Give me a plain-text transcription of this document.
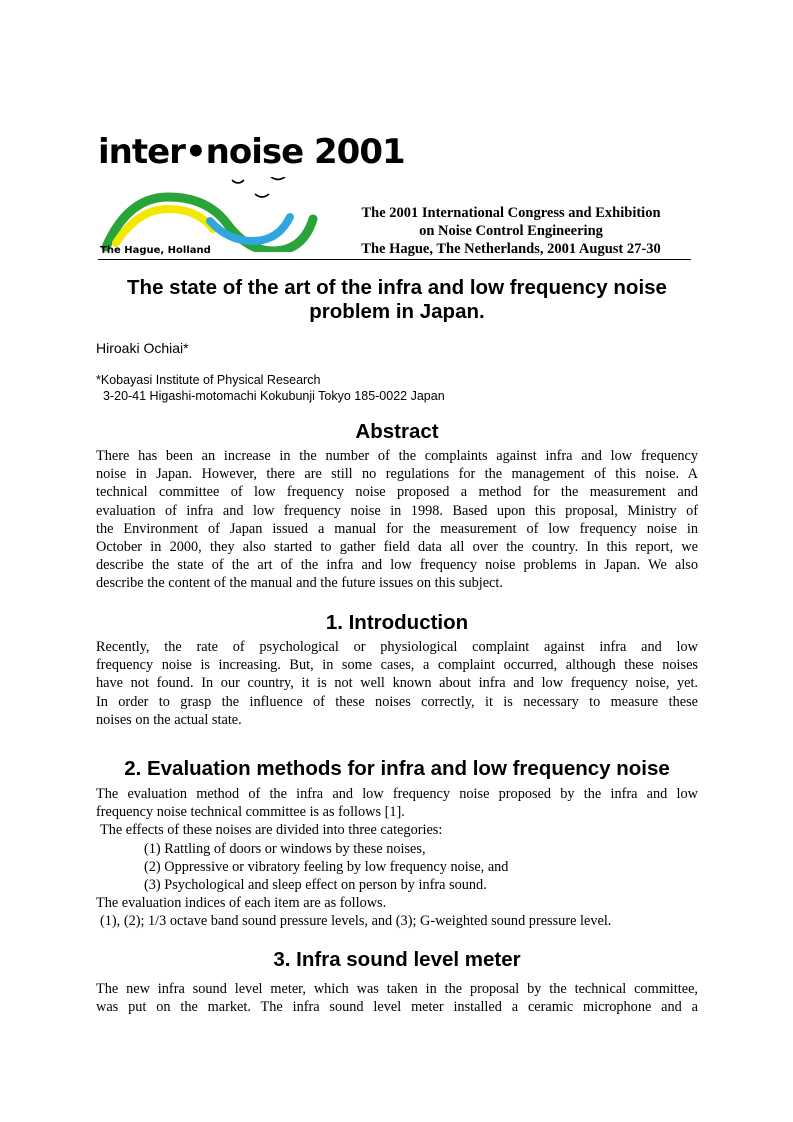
inter•noise 2001
The Hague, Holland
The 2001 International Congress and Exhibition
on Noise Control Engineering
The Hague, The Netherlands, 2001 August 27-30
The state of the art of the infra and low frequency noise
problem in Japan.
Hiroaki Ochiai*
*Kobayasi Institute of Physical Research
3-20-41 Higashi-motomachi Kokubunji Tokyo 185-0022 Japan
Abstract
There has been an increase in the number of the complaints against infra and low frequency
noise in Japan. However, there are still no regulations for the management of this noise. A
technical committee of low frequency noise proposed a method for the measurement and
evaluation of infra and low frequency noise in 1998. Based upon this proposal, Ministry of
the Environment of Japan issued a manual for the measurement of low frequency noise in
October in 2000, they also started to gather field data all over the country. In this report, we
describe the state of the art of the infra and low frequency noise problems in Japan. We also
describe the content of the manual and the future issues on this subject.
1. Introduction
Recently, the rate of psychological or physiological complaint against infra and low
frequency noise is increasing. But, in some cases, a complaint occurred, although these noises
have not found. In our country, it is not well known about infra and low frequency noise, yet.
In order to grasp the influence of these noises correctly, it is necessary to measure these
noises on the actual state.
2. Evaluation methods for infra and low frequency noise
The evaluation method of the infra and low frequency noise proposed by the infra and low
frequency noise technical committee is as follows [1].
The effects of these noises are divided into three categories:
(1) Rattling of doors or windows by these noises,
(2) Oppressive or vibratory feeling by low frequency noise, and
(3) Psychological and sleep effect on person by infra sound.
The evaluation indices of each item are as follows.
(1), (2); 1/3 octave band sound pressure levels, and (3); G-weighted sound pressure level.
3. Infra sound level meter
The new infra sound level meter, which was taken in the proposal by the technical committee,
was put on the market. The infra sound level meter installed a ceramic microphone and a
